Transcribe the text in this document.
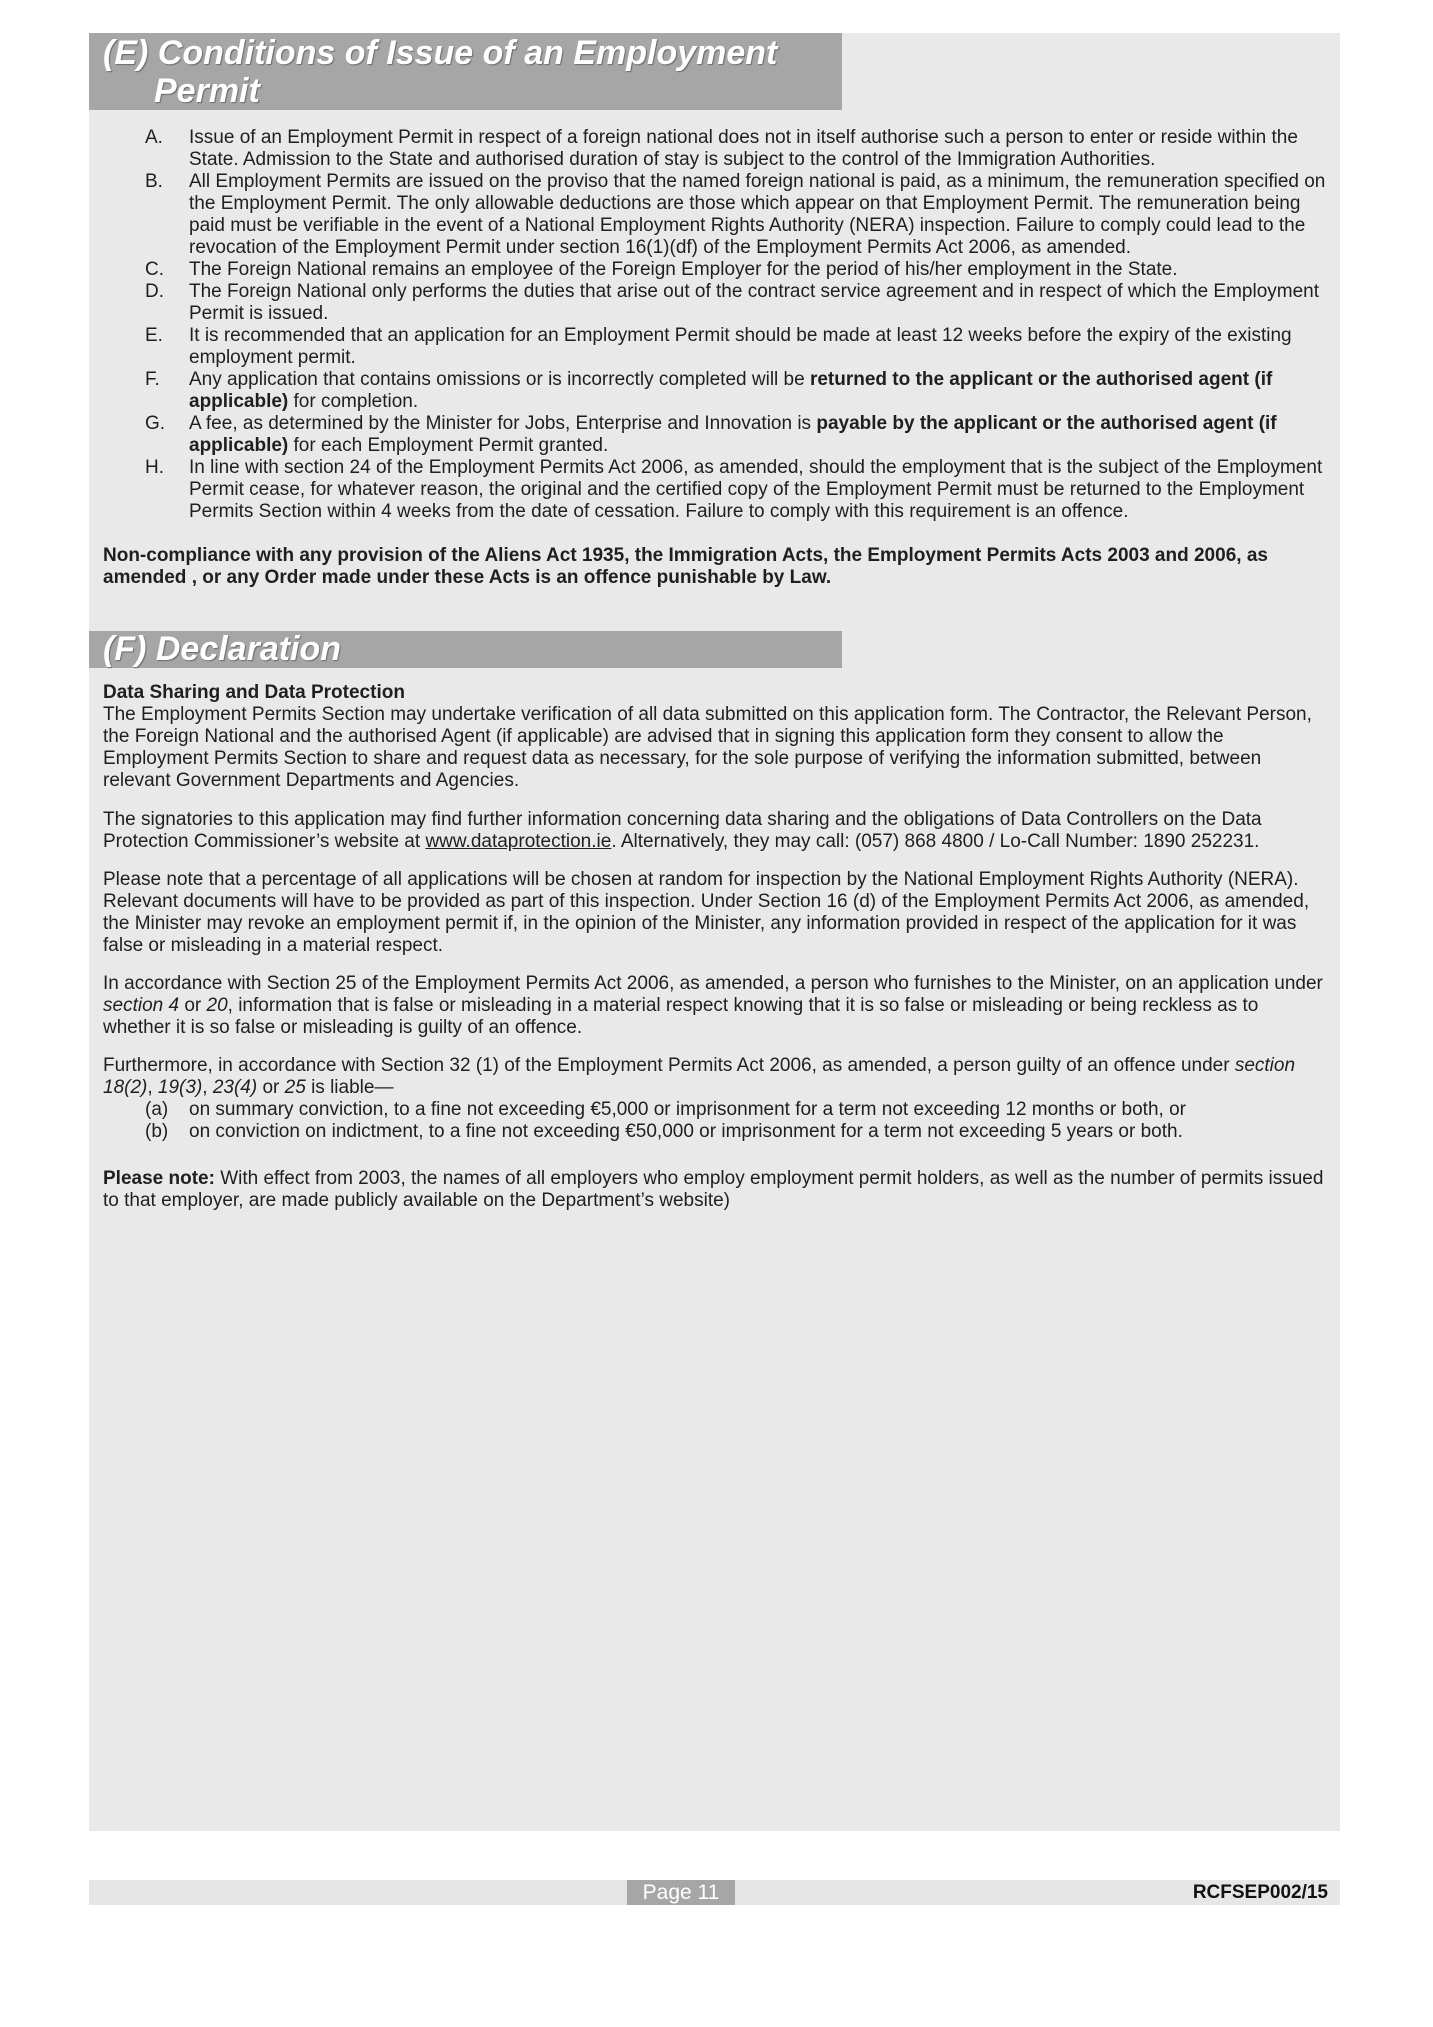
(E) Conditions of Issue of an Employment Permit
A.	Issue of an Employment Permit in respect of a foreign national does not in itself authorise such a person to enter or reside within the State. Admission to the State and authorised duration of stay is subject to the control of the Immigration Authorities.
B.	All Employment Permits are issued on the proviso that the named foreign national is paid, as a minimum, the remuneration specified on the Employment Permit. The only allowable deductions are those which appear on that Employment Permit. The remuneration being paid must be verifiable in the event of a National Employment Rights Authority (NERA) inspection. Failure to comply could lead to the revocation of the Employment Permit under section 16(1)(df) of the Employment Permits Act 2006, as amended.
C.	The Foreign National remains an employee of the Foreign Employer for the period of his/her employment in the State.
D.	The Foreign National only performs the duties that arise out of the contract service agreement and in respect of which the Employment Permit is issued.
E.	It is recommended that an application for an Employment Permit should be made at least 12 weeks before the expiry of the existing employment permit.
F.	Any application that contains omissions or is incorrectly completed will be returned to the applicant or the authorised agent (if applicable) for completion.
G.	A fee, as determined by the Minister for Jobs, Enterprise and Innovation is payable by the applicant or the authorised agent (if applicable) for each Employment Permit granted.
H.	In line with section 24 of the Employment Permits Act 2006, as amended, should the employment that is the subject of the Employment Permit cease, for whatever reason, the original and the certified copy of the Employment Permit must be returned to the Employment Permits Section within 4 weeks from the date of cessation. Failure to comply with this requirement is an offence.
Non-compliance with any provision of the Aliens Act 1935, the Immigration Acts, the Employment Permits Acts 2003 and 2006, as amended , or any Order made under these Acts is an offence punishable by Law.
(F) Declaration
Data Sharing and Data Protection
The Employment Permits Section may undertake verification of all data submitted on this application form. The Contractor, the Relevant Person, the Foreign National and the authorised Agent (if applicable) are advised that in signing this application form they consent to allow the Employment Permits Section to share and request data as necessary, for the sole purpose of verifying the information submitted, between relevant Government Departments and Agencies.
The signatories to this application may find further information concerning data sharing and the obligations of Data Controllers on the Data Protection Commissioner’s website at www.dataprotection.ie. Alternatively, they may call: (057) 868 4800 / Lo-Call Number: 1890 252231.
Please note that a percentage of all applications will be chosen at random for inspection by the National Employment Rights Authority (NERA). Relevant documents will have to be provided as part of this inspection. Under Section 16 (d) of the Employment Permits Act 2006, as amended, the Minister may revoke an employment permit if, in the opinion of the Minister, any information provided in respect of the application for it was false or misleading in a material respect.
In accordance with Section 25 of the Employment Permits Act 2006, as amended, a person who furnishes to the Minister, on an application under section 4 or 20, information that is false or misleading in a material respect knowing that it is so false or misleading or being reckless as to whether it is so false or misleading is guilty of an offence.
Furthermore, in accordance with Section 32 (1) of the Employment Permits Act 2006, as amended, a person guilty of an offence under section 18(2), 19(3), 23(4) or 25 is liable—
(a)	on summary conviction, to a fine not exceeding €5,000 or imprisonment for a term not exceeding 12 months or both, or
(b)	on conviction on indictment, to a fine not exceeding €50,000 or imprisonment for a term not exceeding 5 years or both.
Please note: With effect from 2003, the names of all employers who employ employment permit holders, as well as the number of permits issued to that employer, are made publicly available on the Department’s website)
Page 11	RCFSEP002/15
